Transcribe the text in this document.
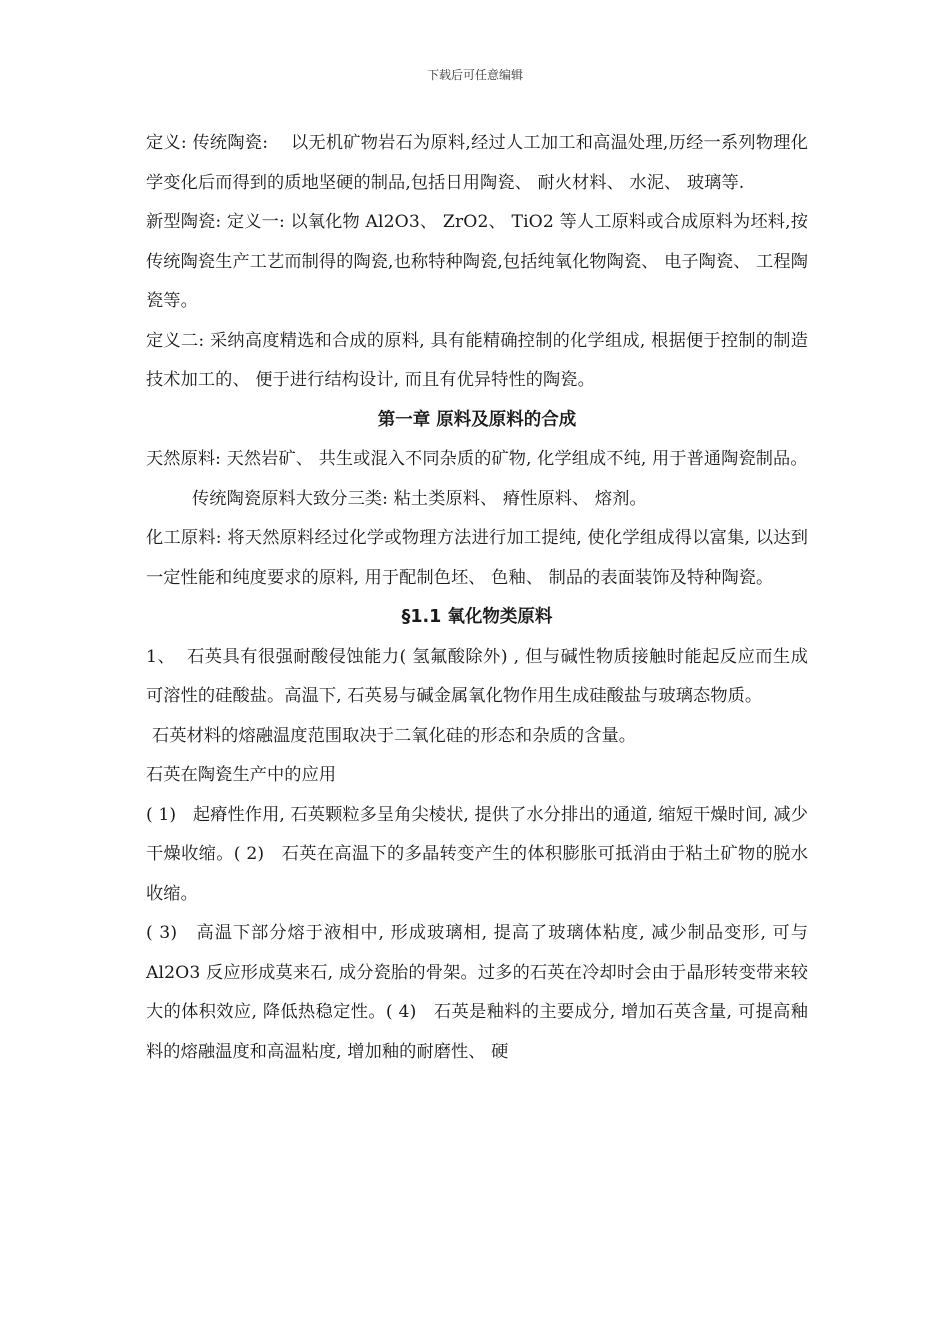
下载后可任意编辑

定义: 传统陶瓷:    以无机矿物岩石为原料,经过人工加工和高温处理,历经一系列物理化学变化后而得到的质地坚硬的制品,包括日用陶瓷、 耐火材料、 水泥、 玻璃等.

新型陶瓷: 定义一: 以氧化物 Al2O3、 ZrO2、 TiO2 等人工原料或合成原料为坯料,按传统陶瓷生产工艺而制得的陶瓷,也称特种陶瓷,包括纯氧化物陶瓷、 电子陶瓷、 工程陶瓷等。

定义二: 采纳高度精选和合成的原料, 具有能精确控制的化学组成, 根据便于控制的制造技术加工的、 便于进行结构设计, 而且有优异特性的陶瓷。

第一章 原料及原料的合成

天然原料: 天然岩矿、 共生或混入不同杂质的矿物, 化学组成不纯, 用于普通陶瓷制品。

传统陶瓷原料大致分三类: 粘土类原料、 瘠性原料、 熔剂。

化工原料: 将天然原料经过化学或物理方法进行加工提纯, 使化学组成得以富集, 以达到一定性能和纯度要求的原料, 用于配制色坯、 色釉、 制品的表面装饰及特种陶瓷。

§1.1 氧化物类原料

1、  石英具有很强耐酸侵蚀能力( 氢氟酸除外) , 但与碱性物质接触时能起反应而生成可溶性的硅酸盐。高温下, 石英易与碱金属氧化物作用生成硅酸盐与玻璃态物质。

石英材料的熔融温度范围取决于二氧化硅的形态和杂质的含量。

石英在陶瓷生产中的应用

( 1)   起瘠性作用, 石英颗粒多呈角尖棱状, 提供了水分排出的通道, 缩短干燥时间, 减少干燥收缩。( 2)   石英在高温下的多晶转变产生的体积膨胀可抵消由于粘土矿物的脱水收缩。

( 3)   高温下部分熔于液相中, 形成玻璃相, 提高了玻璃体粘度, 减少制品变形, 可与 Al2O3 反应形成莫来石, 成分瓷胎的骨架。过多的石英在冷却时会由于晶形转变带来较大的体积效应, 降低热稳定性。( 4)   石英是釉料的主要成分, 增加石英含量, 可提高釉料的熔融温度和高温粘度, 增加釉的耐磨性、 硬
